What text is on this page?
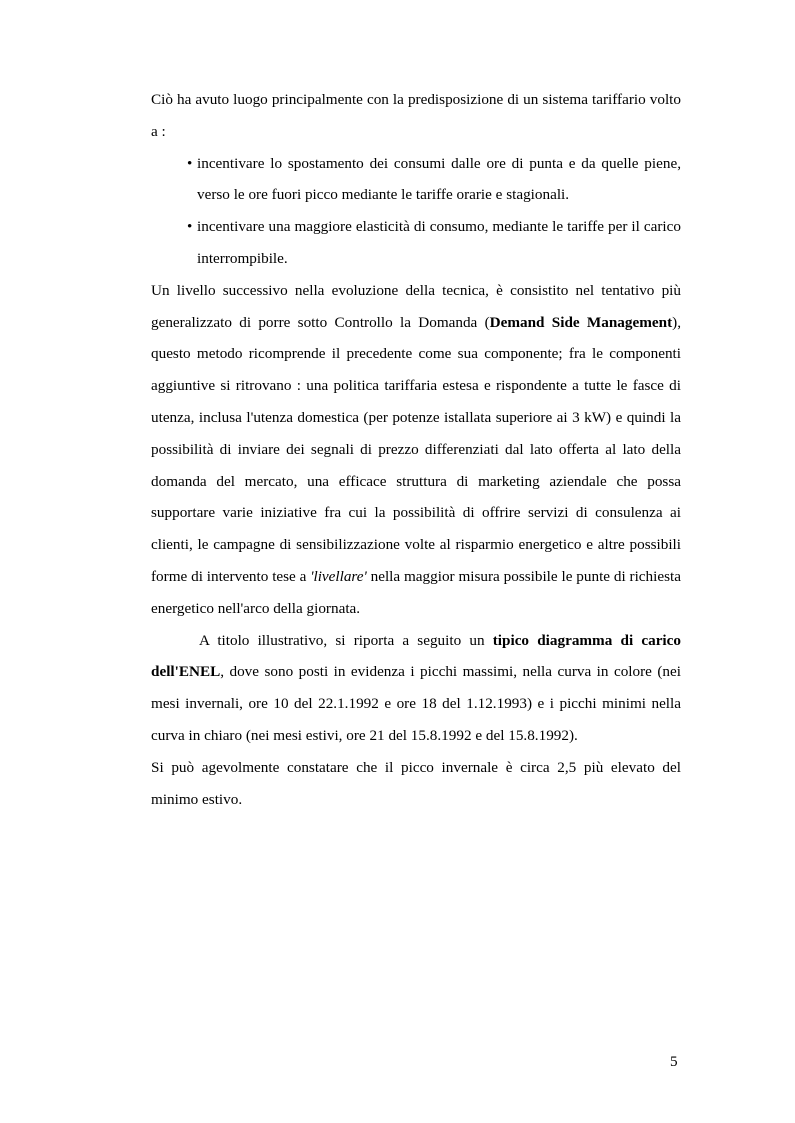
Ciò ha avuto luogo principalmente con la predisposizione di un sistema tariffario volto a :

• incentivare lo spostamento dei consumi dalle ore di punta e da quelle piene, verso le ore fuori picco mediante le tariffe orarie e stagionali.
• incentivare una maggiore elasticità di consumo, mediante le tariffe per il carico interrompibile.

Un livello successivo nella evoluzione della tecnica, è consistito nel tentativo più generalizzato di porre sotto Controllo la Domanda (Demand Side Management), questo metodo ricomprende il precedente come sua componente; fra le componenti aggiuntive si ritrovano : una politica tariffaria estesa e rispondente a tutte le fasce di utenza, inclusa l'utenza domestica (per potenze istallata superiore ai 3 kW) e quindi la possibilità di inviare dei segnali di prezzo differenziati dal lato offerta al lato della domanda del mercato, una efficace struttura di marketing aziendale che possa supportare varie iniziative fra cui la possibilità di offrire servizi di consulenza ai clienti, le campagne di sensibilizzazione volte al risparmio energetico e altre possibili forme di intervento tese a 'livellare' nella maggior misura possibile le punte di richiesta energetico nell'arco della giornata.

A titolo illustrativo, si riporta a seguito un tipico diagramma di carico dell'ENEL, dove sono posti in evidenza i picchi massimi, nella curva in colore (nei mesi invernali, ore 10 del 22.1.1992 e ore 18 del 1.12.1993) e i picchi minimi nella curva in chiaro (nei mesi estivi, ore 21 del 15.8.1992 e del 15.8.1992).

Si può agevolmente constatare che il picco invernale è circa 2,5 più elevato del minimo estivo.

5
